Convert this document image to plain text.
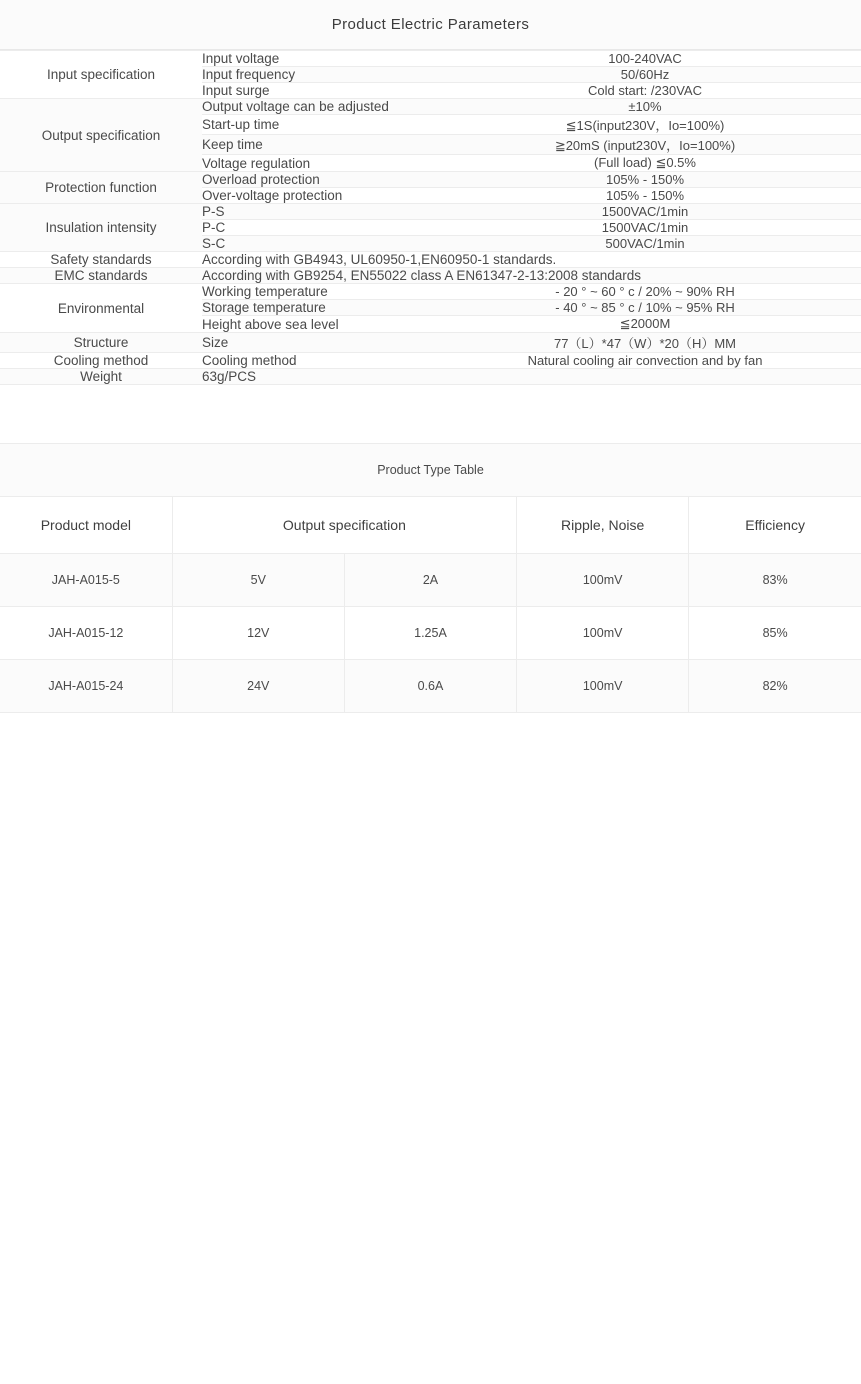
Product Electric Parameters
Input specification	Input voltage	100-240VAC
	Input frequency	50/60Hz
	Input surge	Cold start: /230VAC
Output specification	Output voltage can be adjusted	±10%
	Start-up time	≦1S(input230V，Io=100%)
	Keep time	≧20mS (input230V，Io=100%)
	Voltage regulation	(Full load) ≦0.5%
Protection function	Overload protection	105% - 150%
	Over-voltage protection	105% - 150%
Insulation intensity	P-S	1500VAC/1min
	P-C	1500VAC/1min
	S-C	500VAC/1min
Safety standards	According with GB4943, UL60950-1,EN60950-1 standards.	
EMC standards	According with GB9254, EN55022 class A EN61347-2-13:2008 standards	
Environmental	Working temperature	- 20 ° ~ 60 ° c / 20% ~ 90% RH
	Storage temperature	- 40 ° ~ 85 ° c / 10% ~ 95% RH
	Height above sea level	≦2000M
Structure	Size	77（L）*47（W）*20（H）MM
Cooling method	Cooling method	Natural cooling air convection and by fan
Weight	63g/PCS	
Product Type Table				
Product model	Output specification		Ripple, Noise	Efficiency
JAH-A015-5	5V	2A	100mV	83%
JAH-A015-12	12V	1.25A	100mV	85%
JAH-A015-24	24V	0.6A	100mV	82%
